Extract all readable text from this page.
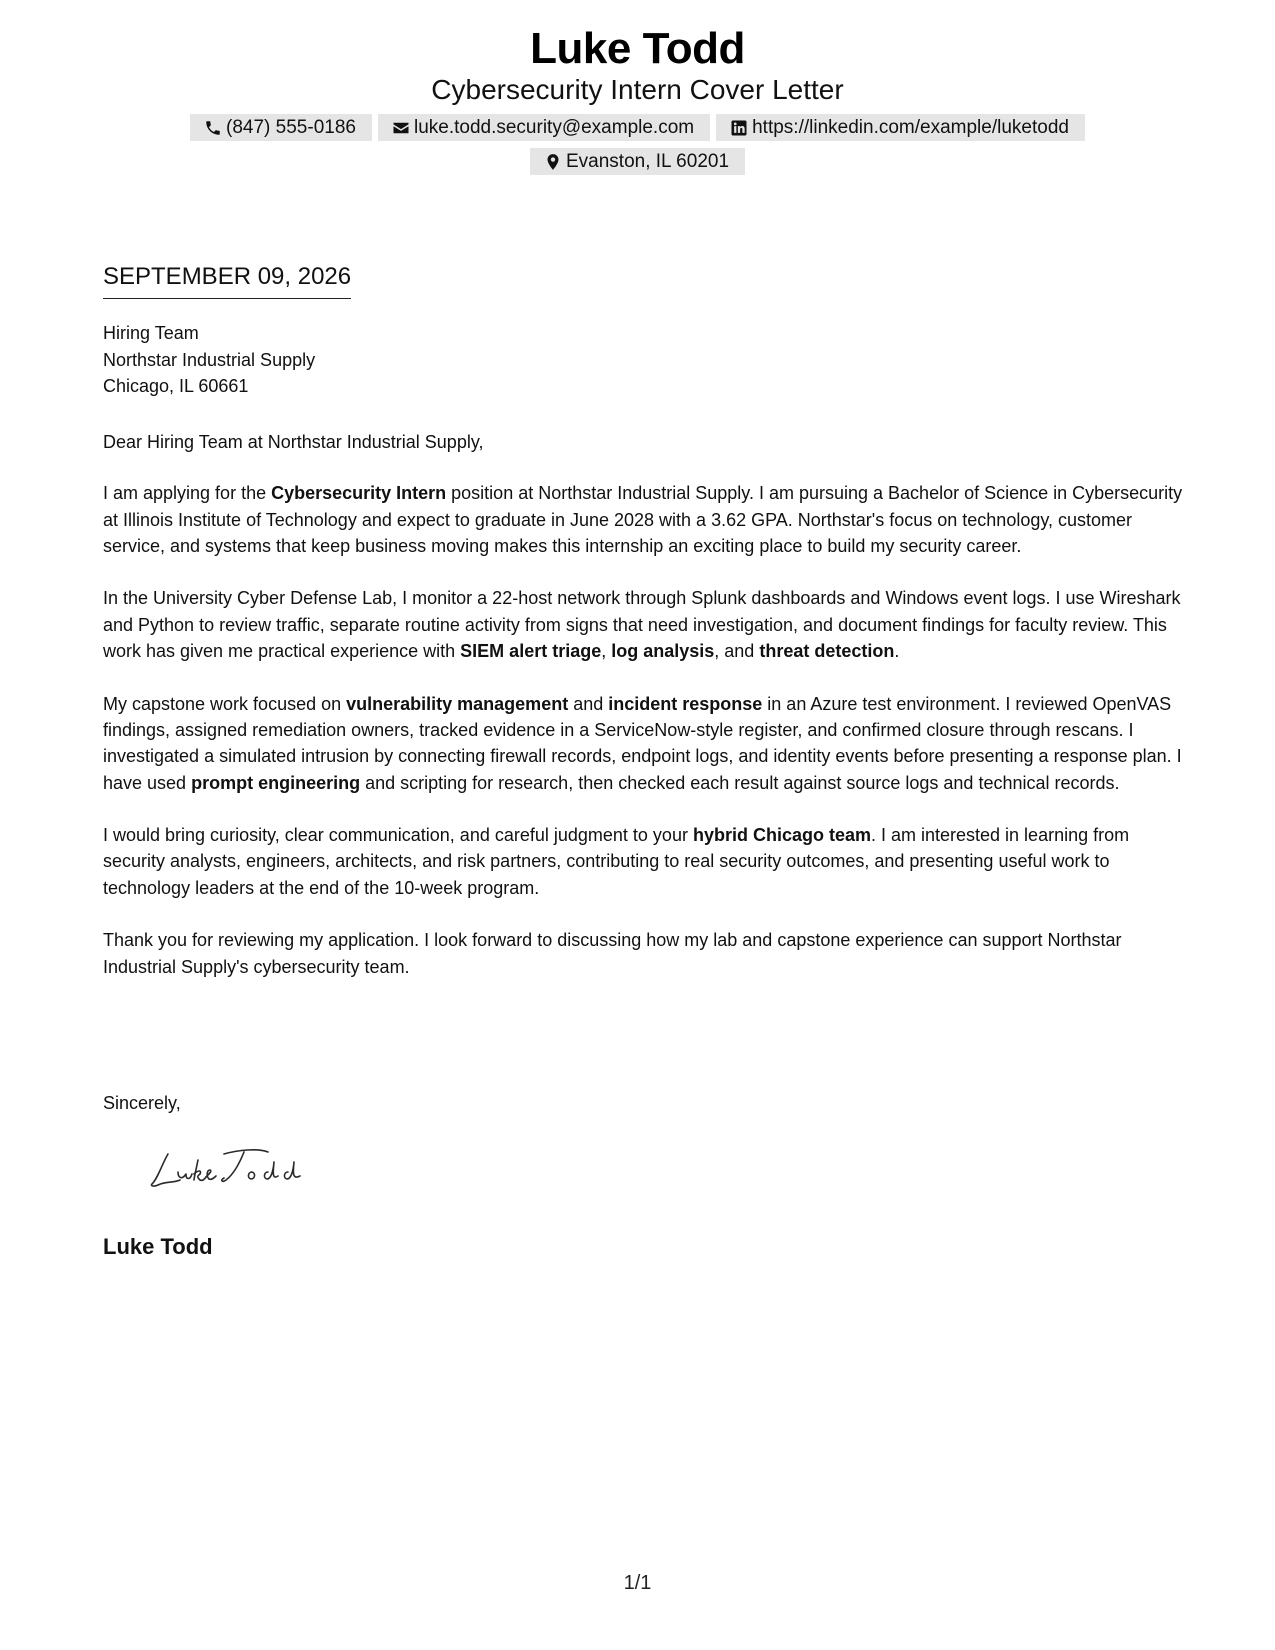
Luke Todd
Cybersecurity Intern Cover Letter
(847) 555-0186	luke.todd.security@example.com	https://linkedin.com/example/luketodd
Evanston, IL 60201
SEPTEMBER 09, 2026
Hiring Team
Northstar Industrial Supply
Chicago, IL 60661

Dear Hiring Team at Northstar Industrial Supply,

I am applying for the Cybersecurity Intern position at Northstar Industrial Supply. I am pursuing a Bachelor of Science in Cybersecurity at Illinois Institute of Technology and expect to graduate in June 2028 with a 3.62 GPA. Northstar's focus on technology, customer service, and systems that keep business moving makes this internship an exciting place to build my security career.

In the University Cyber Defense Lab, I monitor a 22-host network through Splunk dashboards and Windows event logs. I use Wireshark and Python to review traffic, separate routine activity from signs that need investigation, and document findings for faculty review. This work has given me practical experience with SIEM alert triage, log analysis, and threat detection.

My capstone work focused on vulnerability management and incident response in an Azure test environment. I reviewed OpenVAS findings, assigned remediation owners, tracked evidence in a ServiceNow-style register, and confirmed closure through rescans. I investigated a simulated intrusion by connecting firewall records, endpoint logs, and identity events before presenting a response plan. I have used prompt engineering and scripting for research, then checked each result against source logs and technical records.

I would bring curiosity, clear communication, and careful judgment to your hybrid Chicago team. I am interested in learning from security analysts, engineers, architects, and risk partners, contributing to real security outcomes, and presenting useful work to technology leaders at the end of the 10-week program.

Thank you for reviewing my application. I look forward to discussing how my lab and capstone experience can support Northstar Industrial Supply's cybersecurity team.

Sincerely,
Luke Todd
1/1
